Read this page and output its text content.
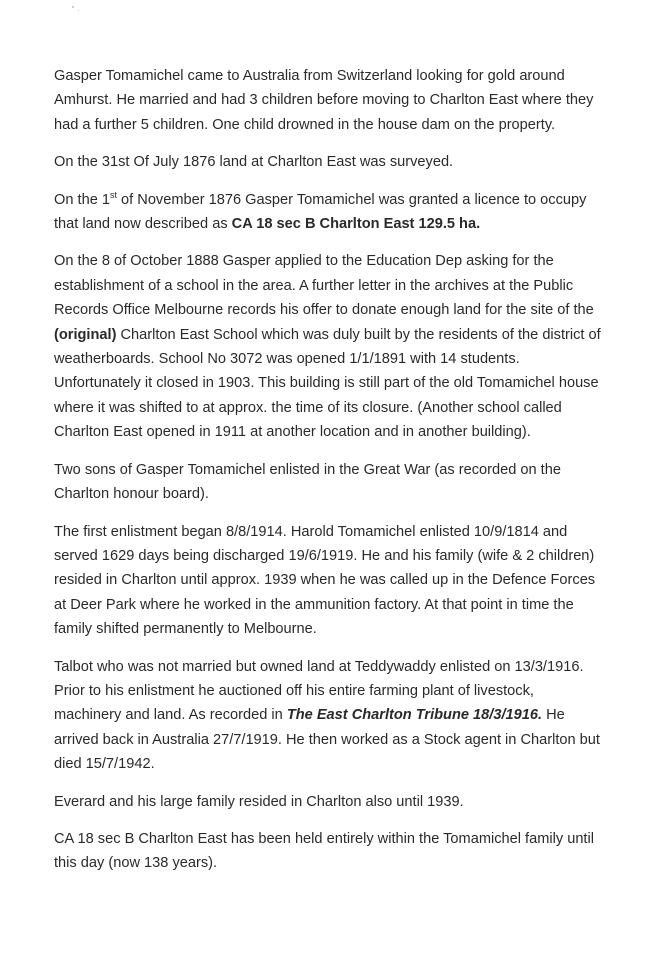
Gasper Tomamichel came to Australia from Switzerland looking for gold around Amhurst. He married and had 3 children before moving to Charlton East where they had a further 5 children. One child drowned in the house dam on the property.

On the 31st Of July 1876 land at Charlton East was surveyed.

On the 1st of November 1876 Gasper Tomamichel was granted a licence to occupy that land now described as CA 18 sec B Charlton East 129.5 ha.

On the 8 of October 1888 Gasper applied to the Education Dep asking for the establishment of a school in the area. A further letter in the archives at the Public Records Office Melbourne records his offer to donate enough land for the site of the (original) Charlton East School which was duly built by the residents of the district of weatherboards. School No 3072 was opened 1/1/1891 with 14 students. Unfortunately it closed in 1903. This building is still part of the old Tomamichel house where it was shifted to at approx. the time of its closure. (Another school called Charlton East opened in 1911 at another location and in another building).

Two sons of Gasper Tomamichel enlisted in the Great War (as recorded on the Charlton honour board).

The first enlistment began 8/8/1914. Harold Tomamichel enlisted 10/9/1814 and served 1629 days being discharged 19/6/1919. He and his family (wife & 2 children) resided in Charlton until approx. 1939 when he was called up in the Defence Forces at Deer Park where he worked in the ammunition factory. At that point in time the family shifted permanently to Melbourne.

Talbot who was not married but owned land at Teddywaddy enlisted on 13/3/1916. Prior to his enlistment he auctioned off his entire farming plant of livestock, machinery and land. As recorded in The East Charlton Tribune 18/3/1916. He arrived back in Australia 27/7/1919. He then worked as a Stock agent in Charlton but died 15/7/1942.

Everard and his large family resided in Charlton also until 1939.

CA 18 sec B Charlton East has been held entirely within the Tomamichel family until this day (now 138 years).
